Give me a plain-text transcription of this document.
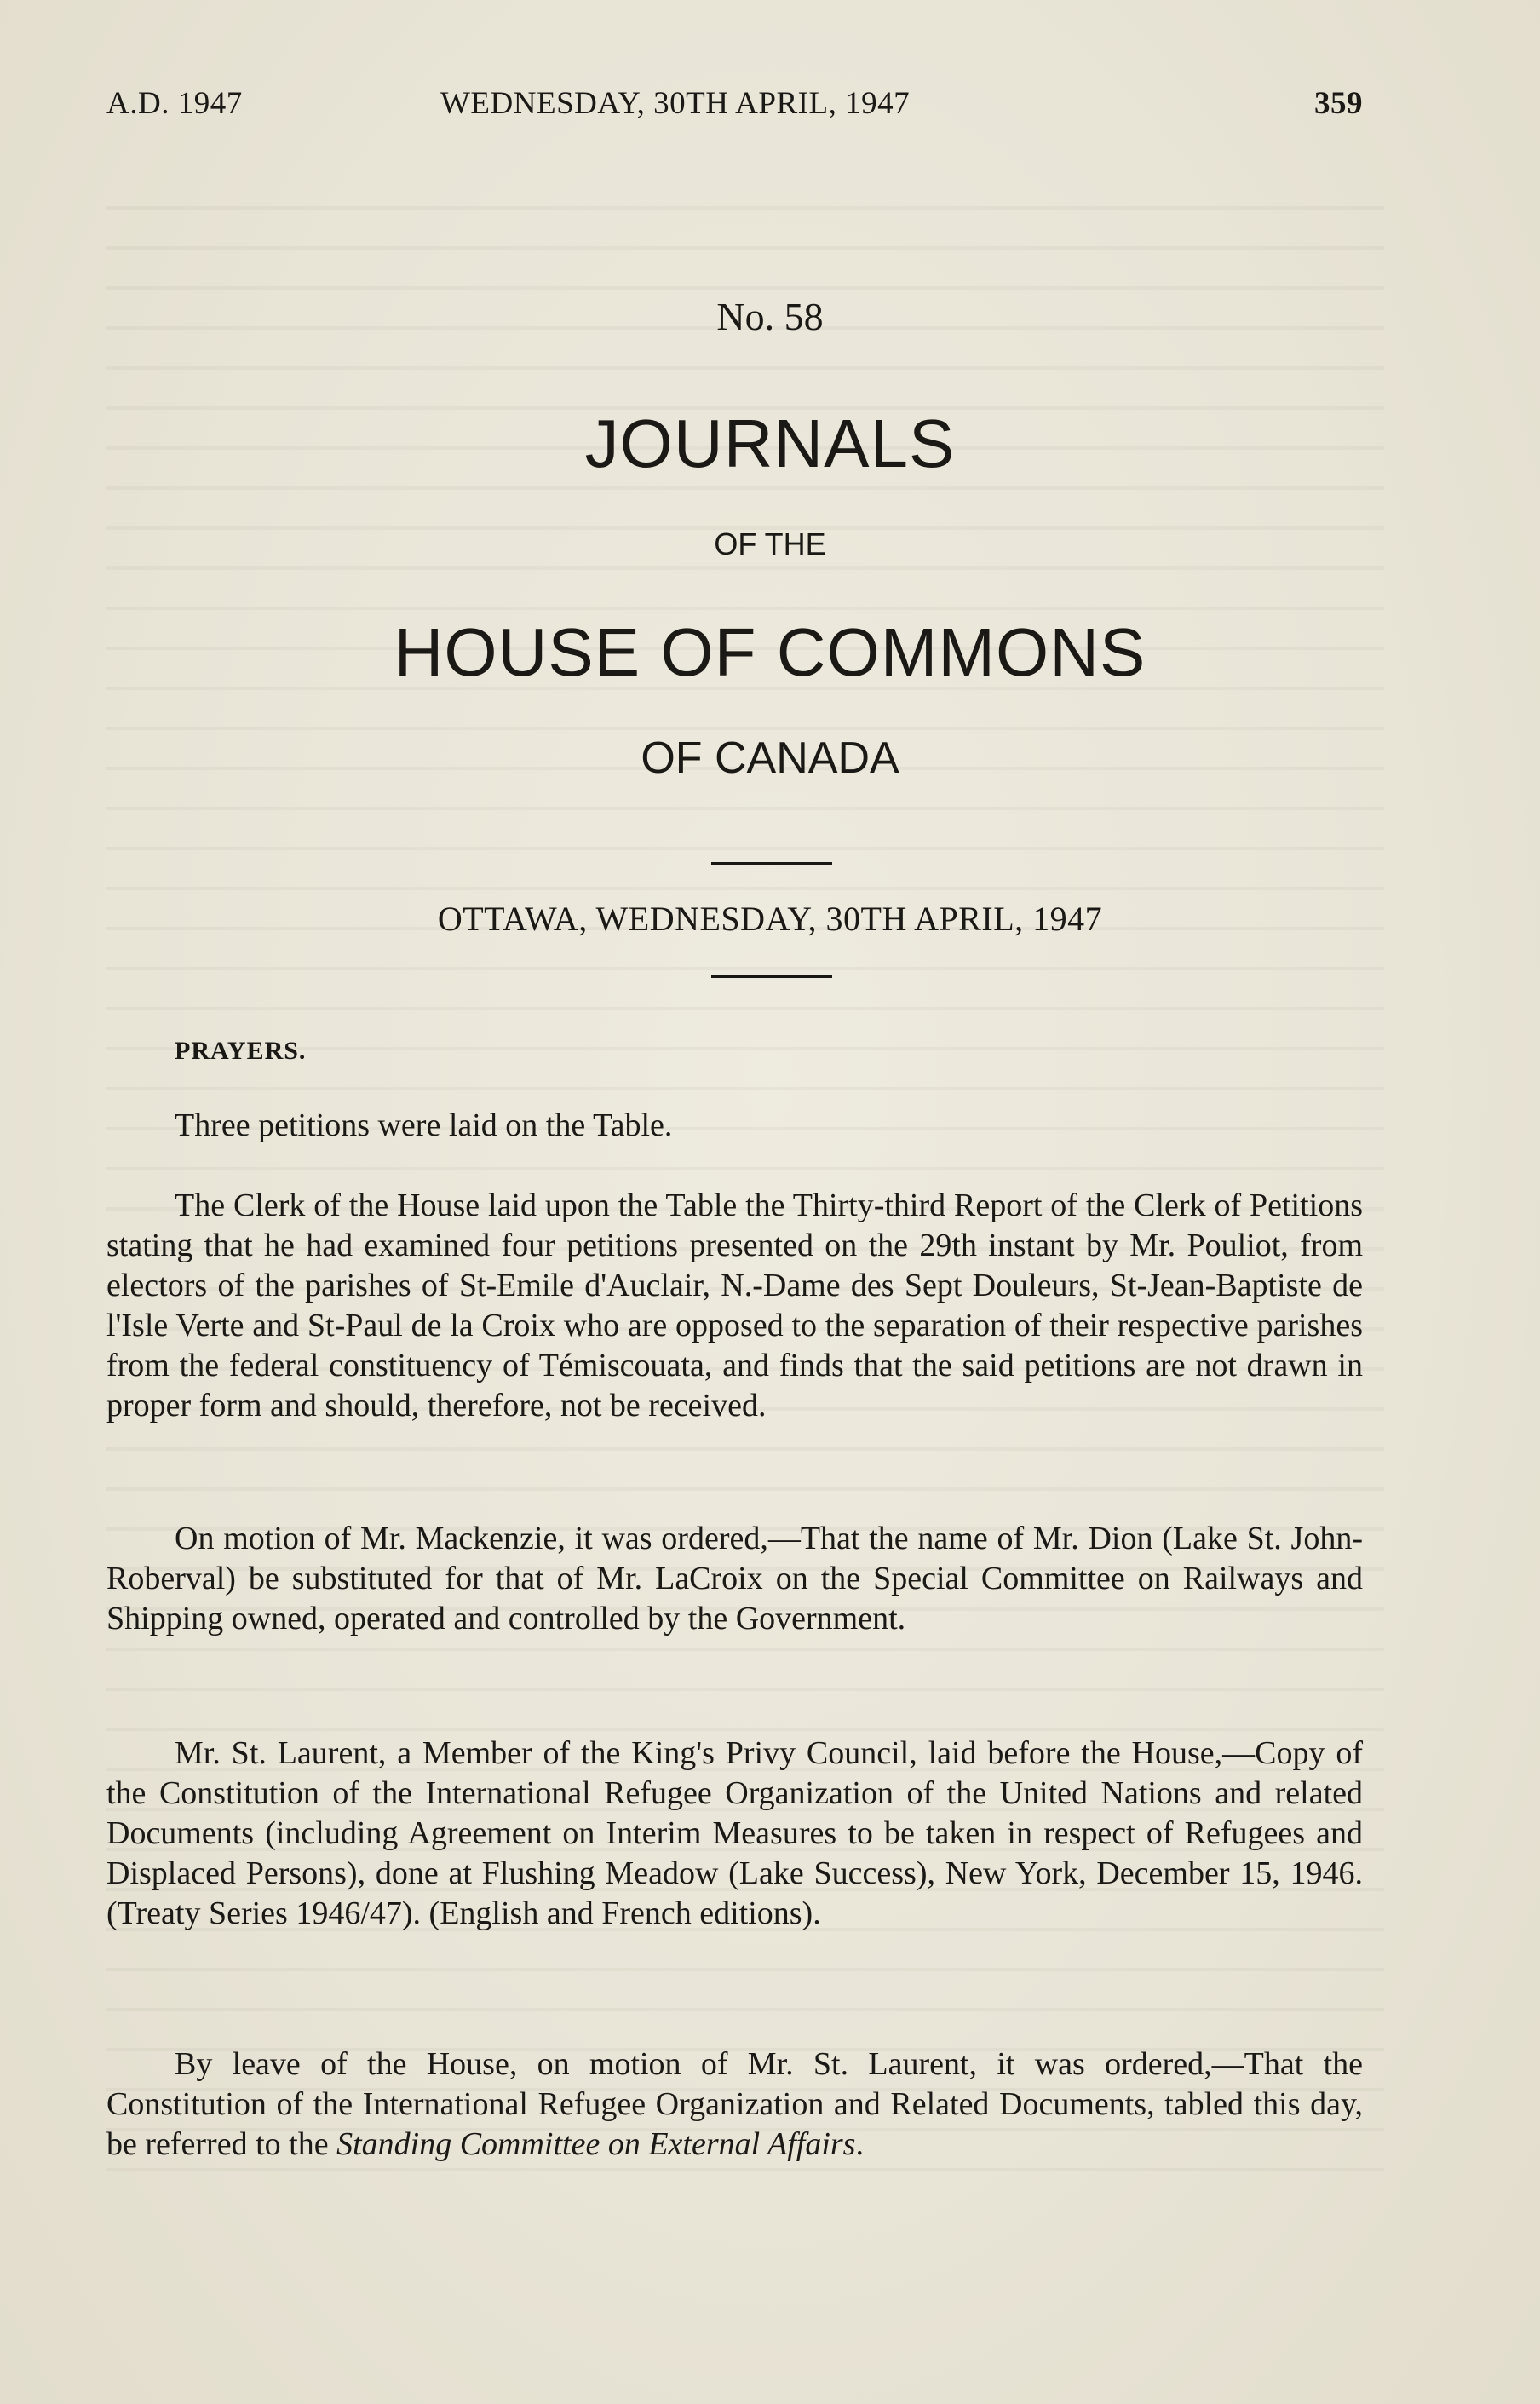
A.D. 1947	WEDNESDAY, 30TH APRIL, 1947	359
No. 58
JOURNALS
OF THE
HOUSE OF COMMONS
OF CANADA
OTTAWA, WEDNESDAY, 30TH APRIL, 1947
PRAYERS.
Three petitions were laid on the Table.
The Clerk of the House laid upon the Table the Thirty-third Report of the Clerk of Petitions stating that he had examined four petitions presented on the 29th instant by Mr. Pouliot, from electors of the parishes of St-Emile d'Auclair, N.-Dame des Sept Douleurs, St-Jean-Baptiste de l'Isle Verte and St-Paul de la Croix who are opposed to the separation of their respective parishes from the federal constituency of Témiscouata, and finds that the said petitions are not drawn in proper form and should, therefore, not be received.
On motion of Mr. Mackenzie, it was ordered,—That the name of Mr. Dion (Lake St. John-Roberval) be substituted for that of Mr. LaCroix on the Special Committee on Railways and Shipping owned, operated and controlled by the Government.
Mr. St. Laurent, a Member of the King's Privy Council, laid before the House,—Copy of the Constitution of the International Refugee Organization of the United Nations and related Documents (including Agreement on Interim Measures to be taken in respect of Refugees and Displaced Persons), done at Flushing Meadow (Lake Success), New York, December 15, 1946. (Treaty Series 1946/47). (English and French editions).
By leave of the House, on motion of Mr. St. Laurent, it was ordered,—That the Constitution of the International Refugee Organization and Related Documents, tabled this day, be referred to the Standing Committee on External Affairs.
